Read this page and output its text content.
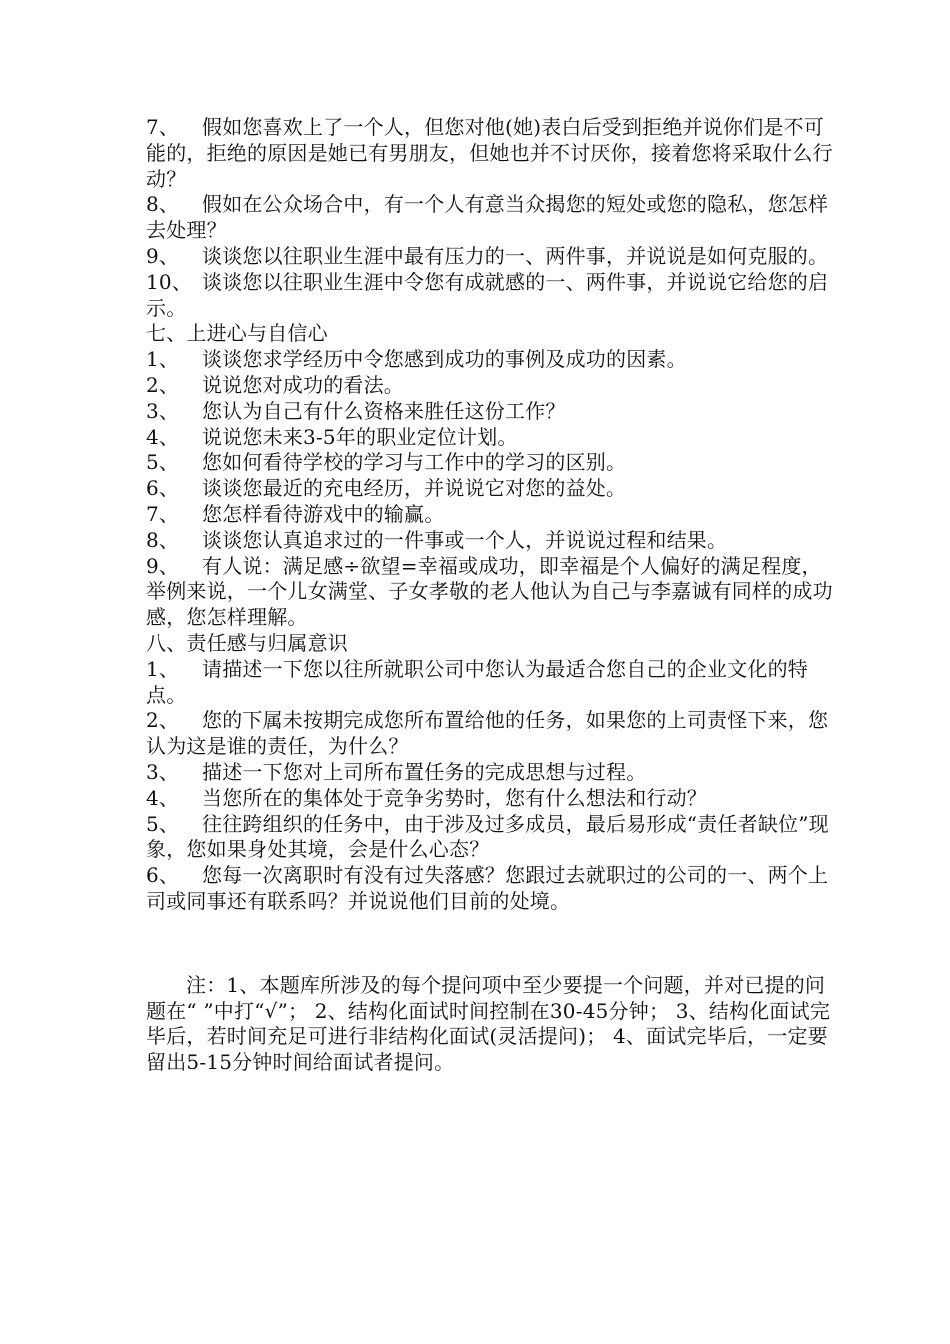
7、 假如您喜欢上了一个人，但您对他(她)表白后受到拒绝并说你们是不可能的，拒绝的原因是她已有男朋友，但她也并不讨厌你，接着您将采取什么行动？
8、 假如在公众场合中，有一个人有意当众揭您的短处或您的隐私，您怎样去处理？
9、 谈谈您以往职业生涯中最有压力的一、两件事，并说说是如何克服的。
10、 谈谈您以往职业生涯中令您有成就感的一、两件事，并说说它给您的启示。
七、上进心与自信心
1、 谈谈您求学经历中令您感到成功的事例及成功的因素。
2、 说说您对成功的看法。
3、 您认为自己有什么资格来胜任这份工作？
4、 说说您未来3-5年的职业定位计划。
5、 您如何看待学校的学习与工作中的学习的区别。
6、 谈谈您最近的充电经历，并说说它对您的益处。
7、 您怎样看待游戏中的输赢。
8、 谈谈您认真追求过的一件事或一个人，并说说过程和结果。
9、 有人说：满足感÷欲望=幸福或成功，即幸福是个人偏好的满足程度，举例来说，一个儿女满堂、子女孝敬的老人他认为自己与李嘉诚有同样的成功感，您怎样理解。
八、责任感与归属意识
1、 请描述一下您以往所就职公司中您认为最适合您自己的企业文化的特点。
2、 您的下属未按期完成您所布置给他的任务，如果您的上司责怪下来，您认为这是谁的责任，为什么？
3、 描述一下您对上司所布置任务的完成思想与过程。
4、 当您所在的集体处于竞争劣势时，您有什么想法和行动？
5、 往往跨组织的任务中，由于涉及过多成员，最后易形成“责任者缺位”现象，您如果身处其境，会是什么心态？
6、 您每一次离职时有没有过失落感？您跟过去就职过的公司的一、两个上司或同事还有联系吗？并说说他们目前的处境。
注：1、本题库所涉及的每个提问项中至少要提一个问题，并对已提的问题在“ ”中打“√”； 2、结构化面试时间控制在30-45分钟； 3、结构化面试完毕后，若时间充足可进行非结构化面试(灵活提问)； 4、面试完毕后，一定要留出5-15分钟时间给面试者提问。
